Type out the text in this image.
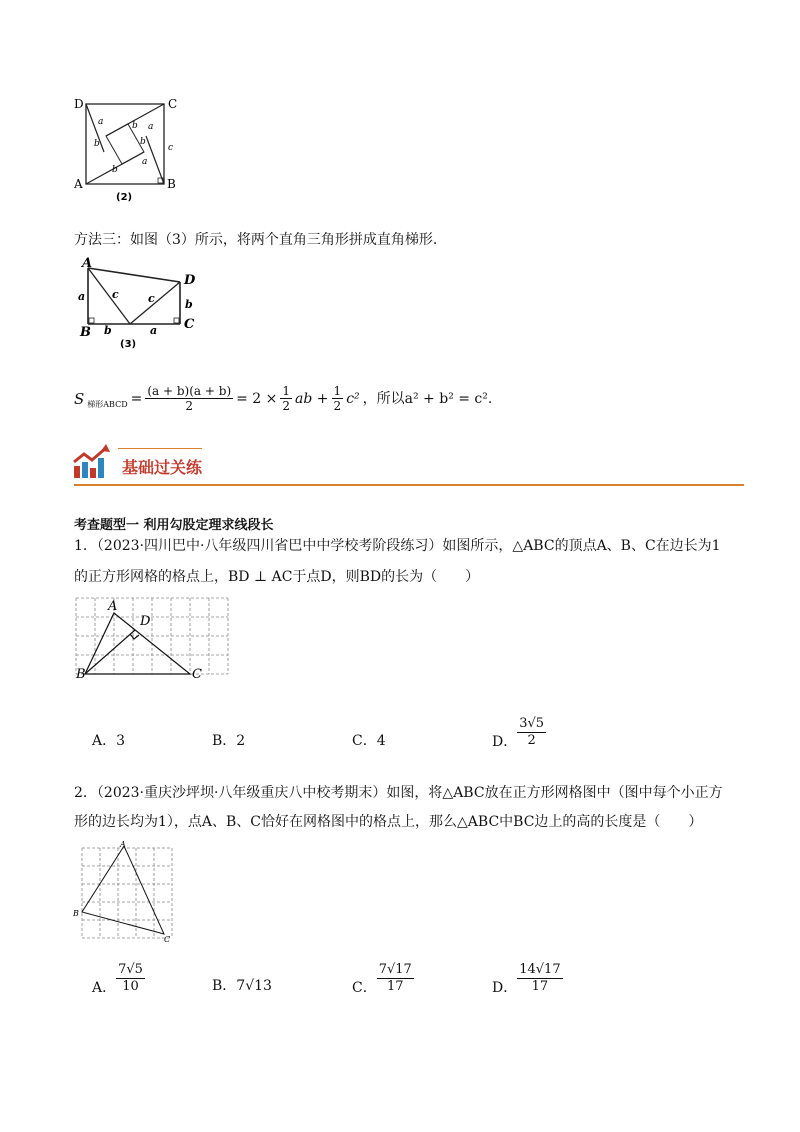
D	C
A	B
(2)
a	a
a
b
b
b
b
c
方法三：如图（3）所示，将两个直角三角形拼成直角梯形.
A
D
B
C
a
a
b
b
c	c
(3)
S 梯形ABCD = $\frac{(a + b)(a + b)}{2} = 2 \times \frac{1}{2}$ ab + $\frac{1}{2} c^2$ ，所以a² + b² = c².
基础过关练
考查题型一 利用勾股定理求线段长
1．（2023·四川巴中·八年级四川省巴中中学校考阶段练习）如图所示，△ABC的顶点A、B、C在边长为1
的正方形网格的格点上，BD ⊥ AC于点D，则BD的长为（　　）
A
D
B	C
A．3	B．2	C．4	D． $\frac{3√5}{2}$
2．（2023·重庆沙坪坝·八年级重庆八中校考期末）如图，将△ABC放在正方形网格图中（图中每个小正方
形的边长均为1），点A、B、C恰好在网格图中的格点上，那么△ABC中BC边上的高的长度是（　　）
A
B
C
A． $\frac{7√5}{10}$	B．7√13	C． $\frac{7√17}{17}$	D． $\frac{14√17}{17}$
